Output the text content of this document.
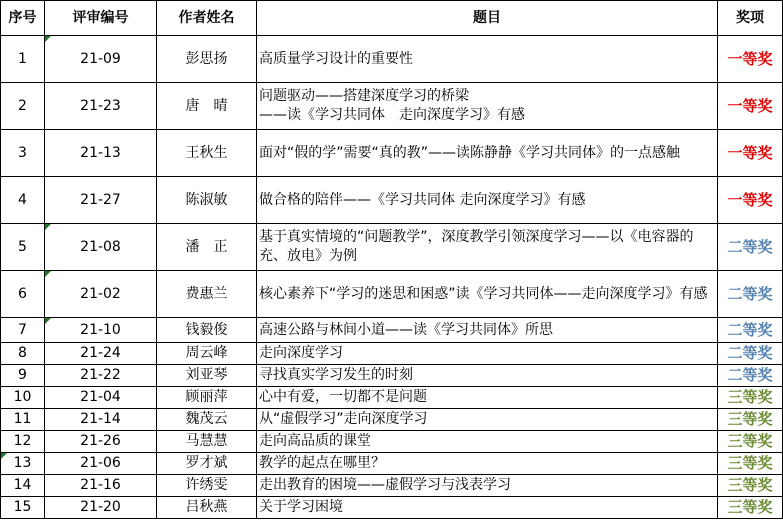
序号	评审编号	作者姓名	题目	奖项
1	21-09	彭思扬	高质量学习设计的重要性	一等奖
2	21-23	唐　晴	问题驱动——搭建深度学习的桥梁
——读《学习共同体　走向深度学习》有感	一等奖
3	21-13	王秋生	面对“假的学”需要“真的教”——读陈静静《学习共同体》的一点感触	一等奖
4	21-27	陈淑敏	做合格的陪伴——《学习共同体 走向深度学习》有感	一等奖
5	21-08	潘　正	基于真实情境的“问题教学”，深度教学引领深度学习——以《电容器的充、放电》为例	二等奖
6	21-02	费惠兰	核心素养下“学习的迷思和困惑”读《学习共同体——走向深度学习》有感	二等奖
7	21-10	钱毅俊	高速公路与林间小道——读《学习共同体》所思	二等奖
8	21-24	周云峰	走向深度学习	二等奖
9	21-22	刘亚琴	寻找真实学习发生的时刻	二等奖
10	21-04	顾丽萍	心中有爱，一切都不是问题	三等奖
11	21-14	魏茂云	从“虚假学习”走向深度学习	三等奖
12	21-26	马慧慧	走向高品质的课堂	三等奖
13	21-06	罗才斌	教学的起点在哪里？	三等奖
14	21-16	许绣雯	走出教育的困境——虚假学习与浅表学习	三等奖
15	21-20	吕秋燕	关于学习困境	三等奖
